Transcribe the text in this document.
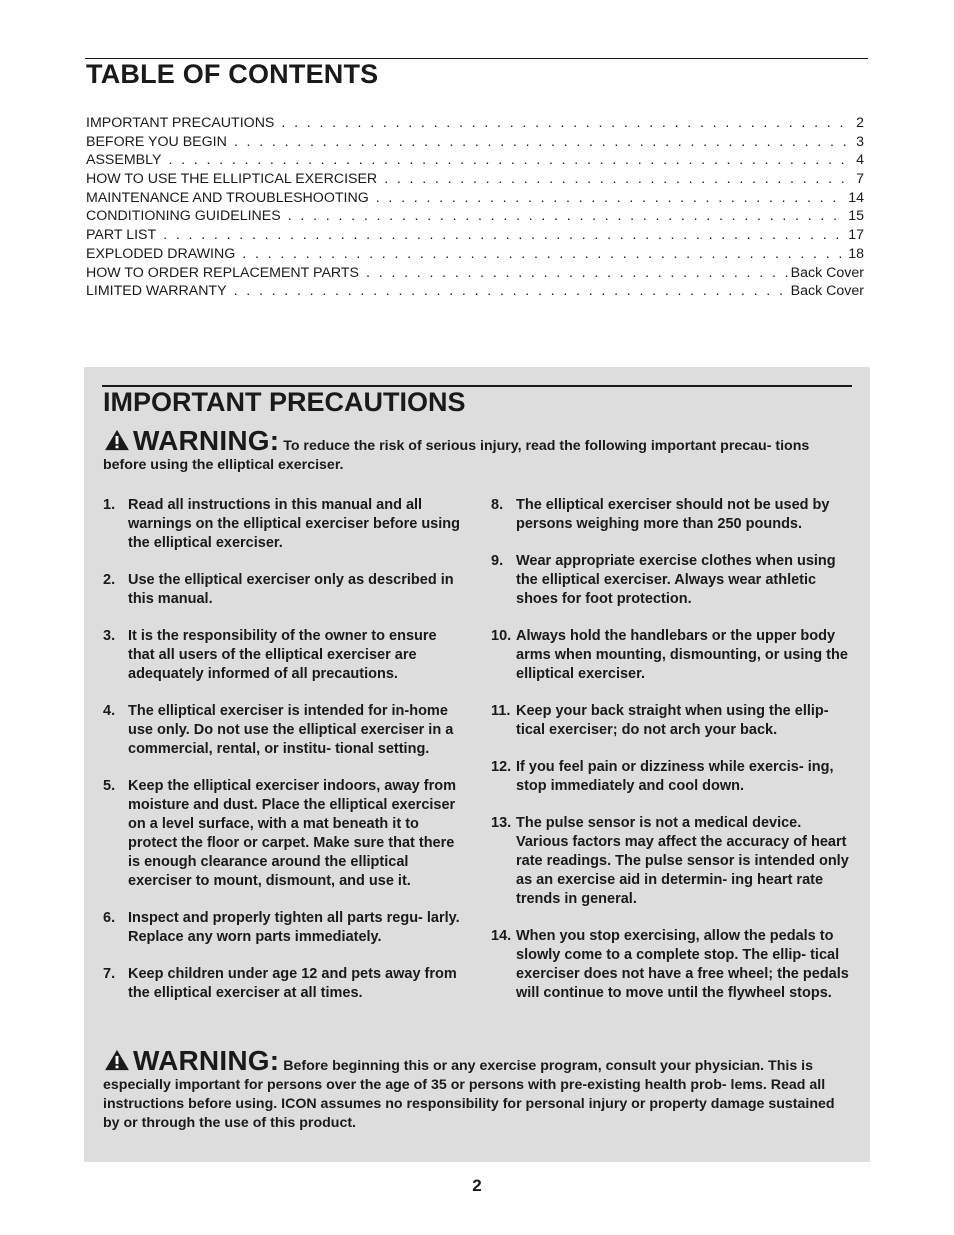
TABLE OF CONTENTS
IMPORTANT PRECAUTIONS . . .	2
BEFORE YOU BEGIN . . .	3
ASSEMBLY . . .	4
HOW TO USE THE ELLIPTICAL EXERCISER . . .	7
MAINTENANCE AND TROUBLESHOOTING . . .	14
CONDITIONING GUIDELINES . . .	15
PART LIST . . .	17
EXPLODED DRAWING . . .	18
HOW TO ORDER REPLACEMENT PARTS . . .	Back Cover
LIMITED WARRANTY . . .	Back Cover
IMPORTANT PRECAUTIONS
WARNING: To reduce the risk of serious injury, read the following important precau- tions before using the elliptical exerciser.
1. Read all instructions in this manual and all warnings on the elliptical exerciser before using the elliptical exerciser.
2. Use the elliptical exerciser only as described in this manual.
3. It is the responsibility of the owner to ensure that all users of the elliptical exerciser are adequately informed of all precautions.
4. The elliptical exerciser is intended for in-home use only. Do not use the elliptical exerciser in a commercial, rental, or institu- tional setting.
5. Keep the elliptical exerciser indoors, away from moisture and dust. Place the elliptical exerciser on a level surface, with a mat beneath it to protect the floor or carpet. Make sure that there is enough clearance around the elliptical exerciser to mount, dismount, and use it.
6. Inspect and properly tighten all parts regu- larly. Replace any worn parts immediately.
7. Keep children under age 12 and pets away from the elliptical exerciser at all times.
8. The elliptical exerciser should not be used by persons weighing more than 250 pounds.
9. Wear appropriate exercise clothes when using the elliptical exerciser. Always wear athletic shoes for foot protection.
10. Always hold the handlebars or the upper body arms when mounting, dismounting, or using the elliptical exerciser.
11. Keep your back straight when using the ellip- tical exerciser; do not arch your back.
12. If you feel pain or dizziness while exercis- ing, stop immediately and cool down.
13. The pulse sensor is not a medical device. Various factors may affect the accuracy of heart rate readings. The pulse sensor is intended only as an exercise aid in determin- ing heart rate trends in general.
14. When you stop exercising, allow the pedals to slowly come to a complete stop. The ellip- tical exerciser does not have a free wheel; the pedals will continue to move until the flywheel stops.
WARNING: Before beginning this or any exercise program, consult your physician. This is especially important for persons over the age of 35 or persons with pre-existing health prob- lems. Read all instructions before using. ICON assumes no responsibility for personal injury or property damage sustained by or through the use of this product.
2
